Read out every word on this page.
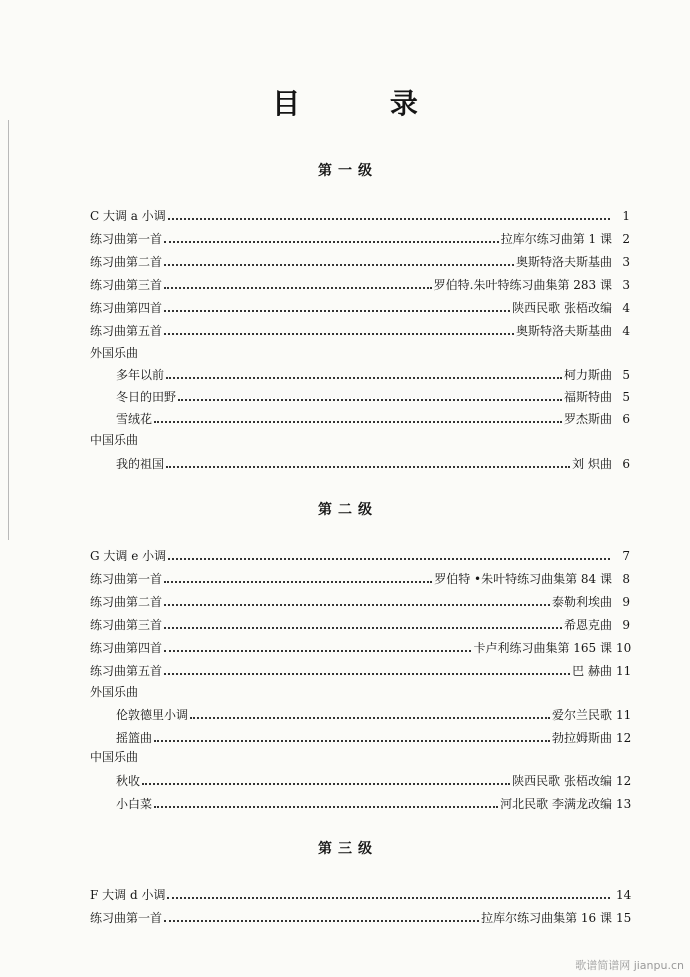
目 录
第一级
C 大调 a 小调	1
练习曲第一首	拉库尔练习曲第 1 课 2
练习曲第二首	奥斯特洛夫斯基曲 3
练习曲第三首	罗伯特.朱叶特练习曲集第 283 课 3
练习曲第四首	陕西民歌 张梧改编 4
练习曲第五首	奥斯特洛夫斯基曲 4
外国乐曲
多年以前	柯力斯曲 5
冬日的田野	福斯特曲 5
雪绒花	罗杰斯曲 6
中国乐曲
我的祖国	刘 炽曲 6
第二级
G 大调 e 小调	7
练习曲第一首	罗伯特 •朱叶特练习曲集第 84 课 8
练习曲第二首	泰勒利埃曲 9
练习曲第三首	希恩克曲 9
练习曲第四首	卡卢利练习曲集第 165 课 10
练习曲第五首	巴 赫曲 11
外国乐曲
伦敦德里小调	爱尔兰民歌 11
摇篮曲	勃拉姆斯曲 12
中国乐曲
秋收	陕西民歌 张梧改编 12
小白菜	河北民歌 李满龙改编 13
第三级
F 大调 d 小调	14
练习曲第一首	拉库尔练习曲集第 16 课 15
歌谱简谱网 jianpu.cn
